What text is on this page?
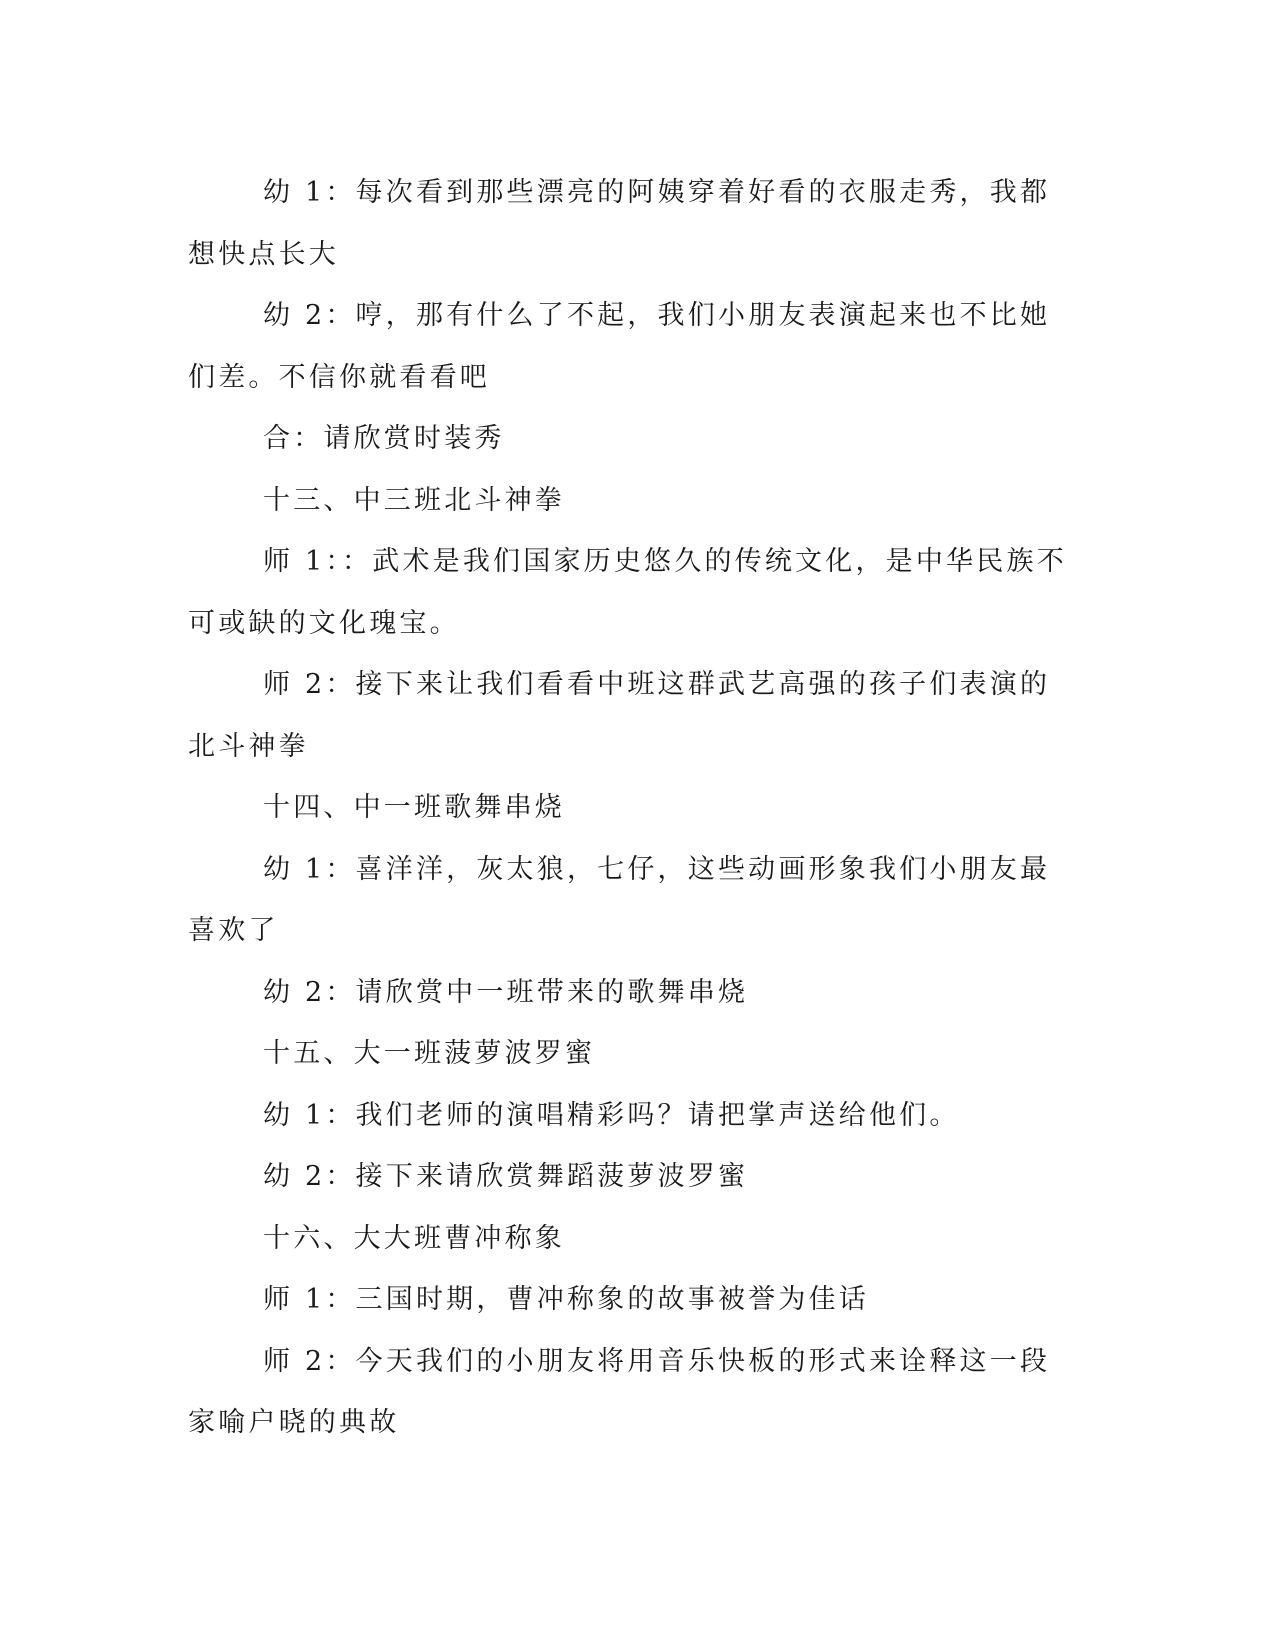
幼 1：每次看到那些漂亮的阿姨穿着好看的衣服走秀，我都想快点长大

幼 2：哼，那有什么了不起，我们小朋友表演起来也不比她们差。不信你就看看吧

合：请欣赏时装秀

十三、中三班北斗神拳

师 1：：武术是我们国家历史悠久的传统文化，是中华民族不可或缺的文化瑰宝。

师 2：接下来让我们看看中班这群武艺高强的孩子们表演的北斗神拳

十四、中一班歌舞串烧

幼 1：喜洋洋，灰太狼，七仔，这些动画形象我们小朋友最喜欢了

幼 2：请欣赏中一班带来的歌舞串烧

十五、大一班菠萝波罗蜜

幼 1：我们老师的演唱精彩吗？请把掌声送给他们。

幼 2：接下来请欣赏舞蹈菠萝波罗蜜

十六、大大班曹冲称象

师 1：三国时期，曹冲称象的故事被誉为佳话

师 2：今天我们的小朋友将用音乐快板的形式来诠释这一段家喻户晓的典故
